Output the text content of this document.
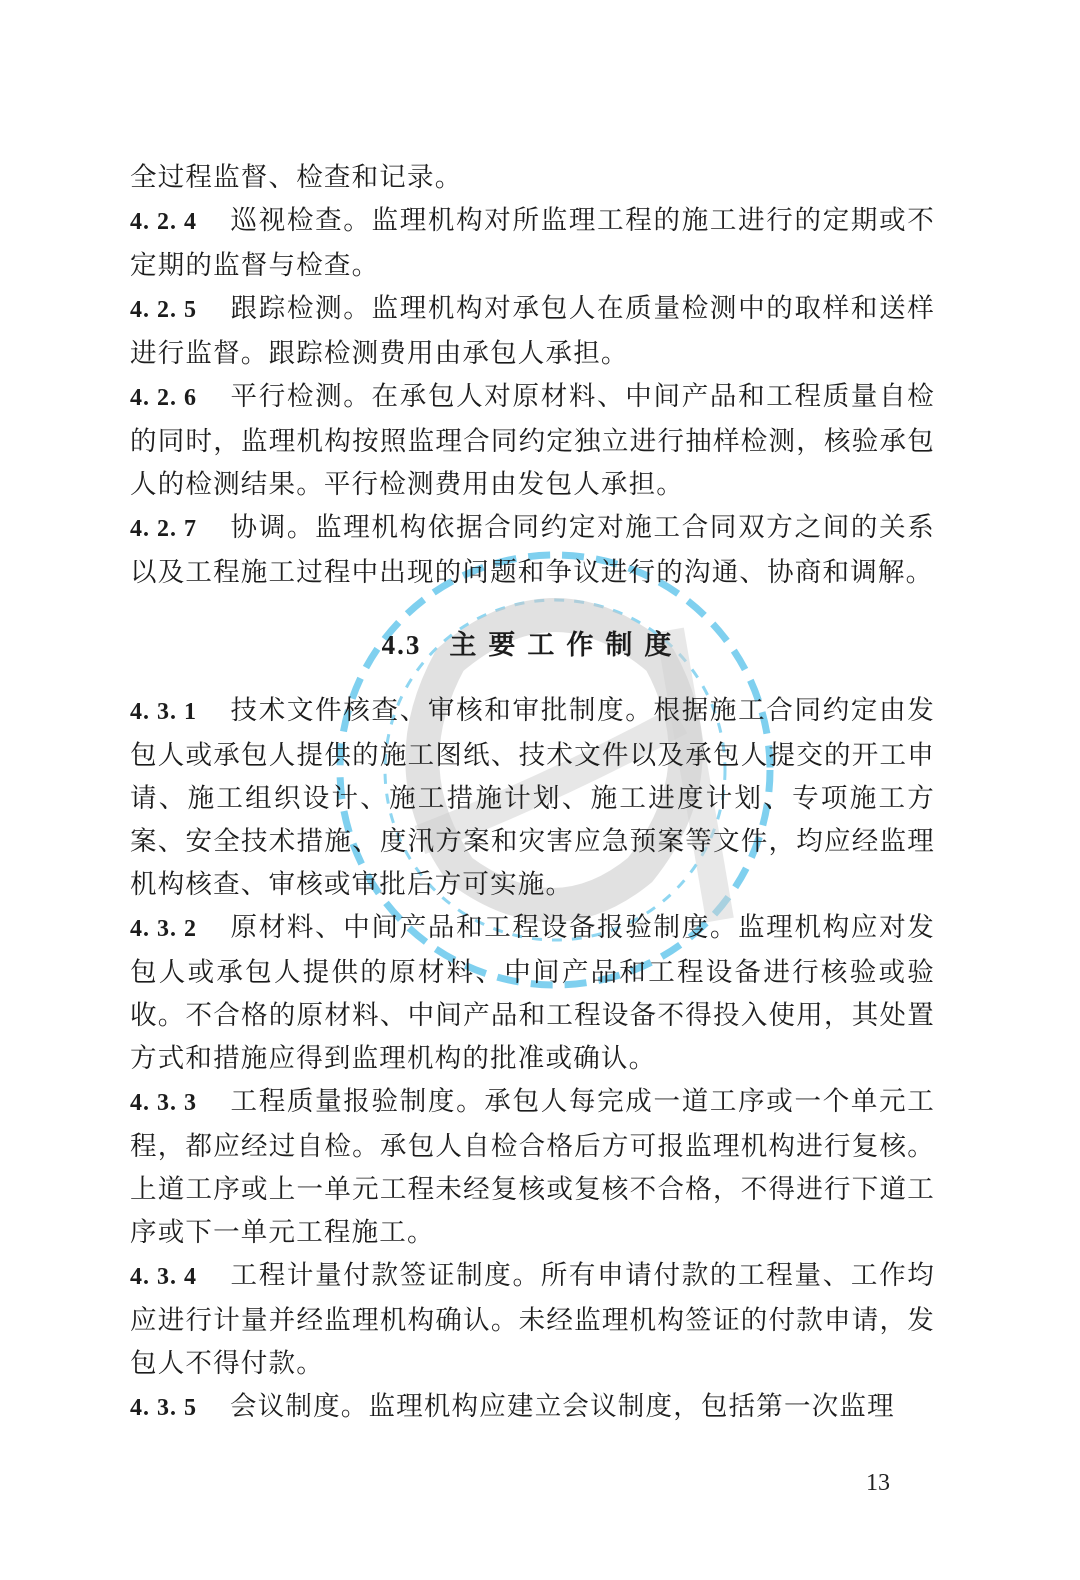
全过程监督、检查和记录。

4. 2. 4 巡视检查。监理机构对所监理工程的施工进行的定期或不定期的监督与检查。

4. 2. 5 跟踪检测。监理机构对承包人在质量检测中的取样和送样进行监督。跟踪检测费用由承包人承担。

4. 2. 6 平行检测。在承包人对原材料、中间产品和工程质量自检的同时，监理机构按照监理合同约定独立进行抽样检测，核验承包人的检测结果。平行检测费用由发包人承担。

4. 2. 7 协调。监理机构依据合同约定对施工合同双方之间的关系以及工程施工过程中出现的问题和争议进行的沟通、协商和调解。

4.3 主要工作制度

4. 3. 1 技术文件核查、审核和审批制度。根据施工合同约定由发包人或承包人提供的施工图纸、技术文件以及承包人提交的开工申请、施工组织设计、施工措施计划、施工进度计划、专项施工方案、安全技术措施、度汛方案和灾害应急预案等文件，均应经监理机构核查、审核或审批后方可实施。

4. 3. 2 原材料、中间产品和工程设备报验制度。监理机构应对发包人或承包人提供的原材料、中间产品和工程设备进行核验或验收。不合格的原材料、中间产品和工程设备不得投入使用，其处置方式和措施应得到监理机构的批准或确认。

4. 3. 3 工程质量报验制度。承包人每完成一道工序或一个单元工程，都应经过自检。承包人自检合格后方可报监理机构进行复核。上道工序或上一单元工程未经复核或复核不合格，不得进行下道工序或下一单元工程施工。

4. 3. 4 工程计量付款签证制度。所有申请付款的工程量、工作均应进行计量并经监理机构确认。未经监理机构签证的付款申请，发包人不得付款。

4. 3. 5 会议制度。监理机构应建立会议制度，包括第一次监理

13
